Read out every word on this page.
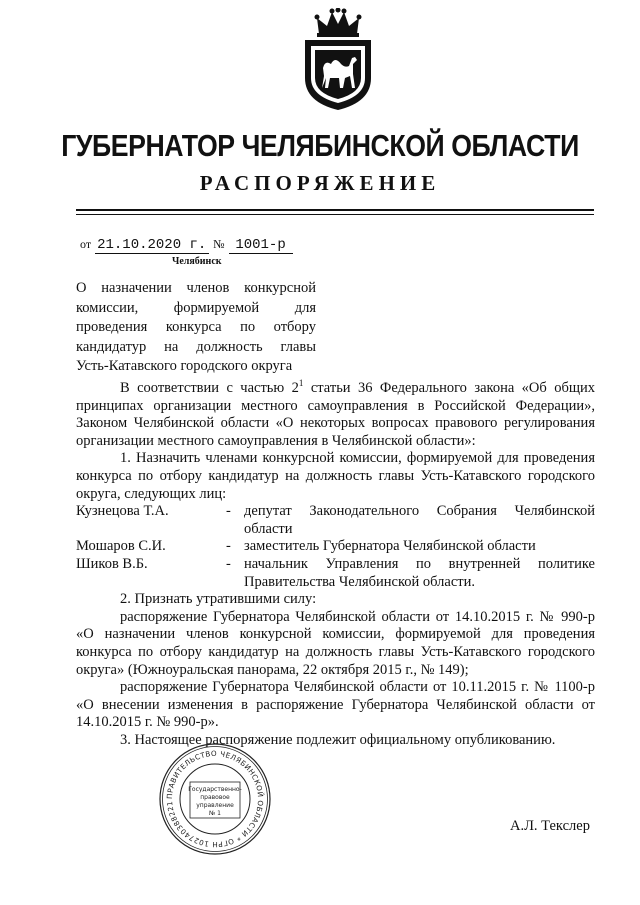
ГУБЕРНАТОР ЧЕЛЯБИНСКОЙ ОБЛАСТИ
РАСПОРЯЖЕНИЕ
от 21.10.2020 г. № 1001-р
Челябинск
О назначении членов конкурсной
комиссии, формируемой для
проведения конкурса по отбору
кандидатур на должность главы
Усть-Катавского городского округа
В соответствии с частью $2^1$ статьи 36 Федерального закона «Об общих принципах организации местного самоуправления в Российской Федерации», Законом Челябинской области «О некоторых вопросах правового регулирования организации местного самоуправления в Челябинской области»:
1. Назначить членами конкурсной комиссии, формируемой для проведения конкурса по отбору кандидатур на должность главы Усть-Катавского городского округа, следующих лиц:
Кузнецова Т.А.	- депутат Законодательного Собрания Челябинской области
Мошаров С.И.	- заместитель Губернатора Челябинской области
Шиков В.Б.	- начальник Управления по внутренней политике Правительства Челябинской области.
2. Признать утратившими силу:
распоряжение Губернатора Челябинской области от 14.10.2015 г. № 990-р «О назначении членов конкурсной комиссии, формируемой для проведения конкурса по отбору кандидатур на должность главы Усть-Катавского городского округа» (Южноуральская панорама, 22 октября 2015 г., № 149);
распоряжение Губернатора Челябинской области от 10.11.2015 г. № 1100-р «О внесении изменения в распоряжение Губернатора Челябинской области от 14.10.2015 г. № 990-р».
3. Настоящее распоряжение подлежит официальному опубликованию.
ПРАВИТЕЛЬСТВО ЧЕЛЯБИНСКОЙ ОБЛАСТИ * ОГРН 102740388221
Государственно-
правовое
управление
№ 1
А.Л. Текслер
